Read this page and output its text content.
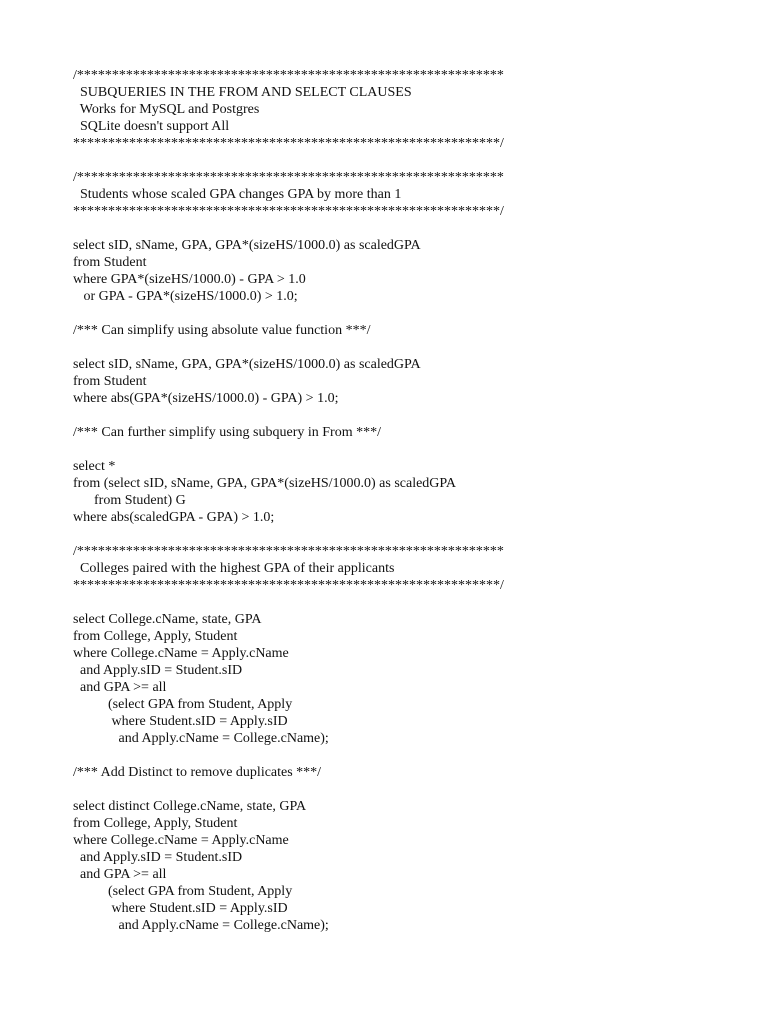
/*************************************************************
SUBQUERIES IN THE FROM AND SELECT CLAUSES
Works for MySQL and Postgres
SQLite doesn't support All
*************************************************************/
/*************************************************************
Students whose scaled GPA changes GPA by more than 1
*************************************************************/
select sID, sName, GPA, GPA*(sizeHS/1000.0) as scaledGPA
from Student
where GPA*(sizeHS/1000.0) - GPA > 1.0
or GPA - GPA*(sizeHS/1000.0) > 1.0;
/*** Can simplify using absolute value function ***/
select sID, sName, GPA, GPA*(sizeHS/1000.0) as scaledGPA
from Student
where abs(GPA*(sizeHS/1000.0) - GPA) > 1.0;
/*** Can further simplify using subquery in From ***/
select *
from (select sID, sName, GPA, GPA*(sizeHS/1000.0) as scaledGPA
from Student) G
where abs(scaledGPA - GPA) > 1.0;
/*************************************************************
Colleges paired with the highest GPA of their applicants
*************************************************************/
select College.cName, state, GPA
from College, Apply, Student
where College.cName = Apply.cName
and Apply.sID = Student.sID
and GPA >= all
(select GPA from Student, Apply
where Student.sID = Apply.sID
and Apply.cName = College.cName);
/*** Add Distinct to remove duplicates ***/
select distinct College.cName, state, GPA
from College, Apply, Student
where College.cName = Apply.cName
and Apply.sID = Student.sID
and GPA >= all
(select GPA from Student, Apply
where Student.sID = Apply.sID
and Apply.cName = College.cName);
